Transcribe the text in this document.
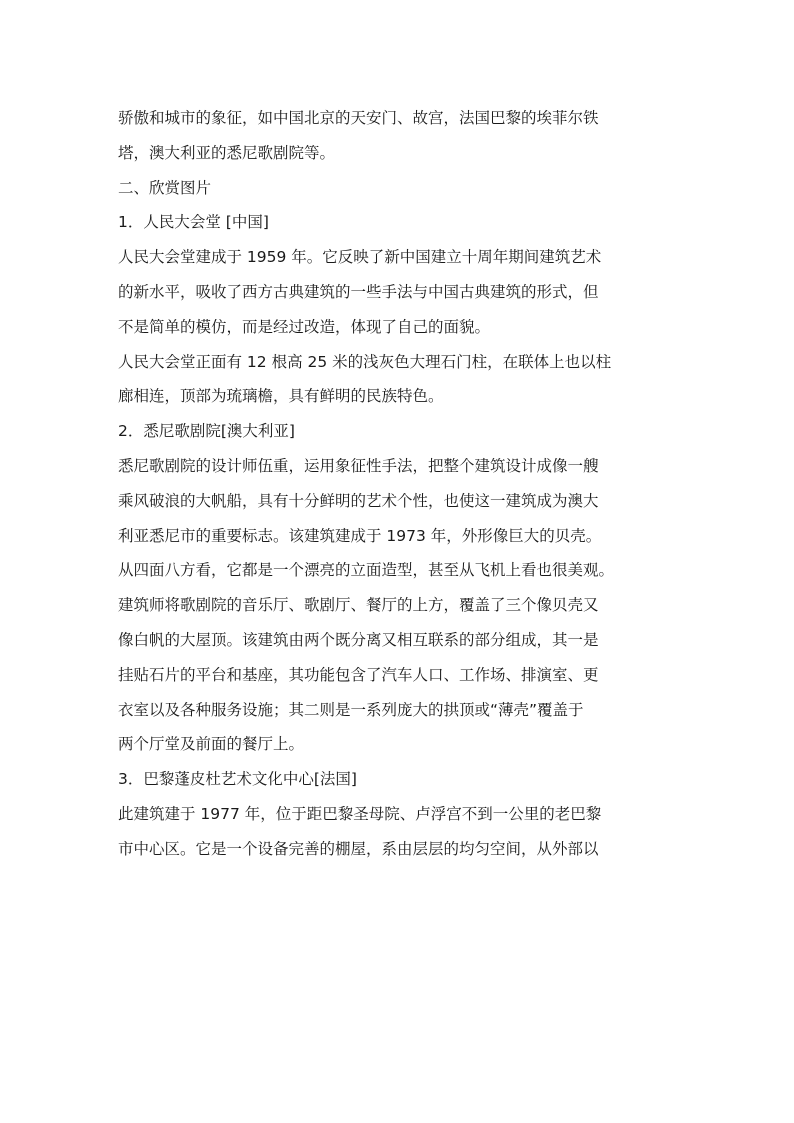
骄傲和城市的象征，如中国北京的天安门、故宫，法国巴黎的埃菲尔铁
塔，澳大利亚的悉尼歌剧院等。
二、欣赏图片
1．人民大会堂 [中国]
人民大会堂建成于 1959 年。它反映了新中国建立十周年期间建筑艺术
的新水平，吸收了西方古典建筑的一些手法与中国古典建筑的形式，但
不是简单的模仿，而是经过改造，体现了自己的面貌。
人民大会堂正面有 12 根高 25 米的浅灰色大理石门柱，在联体上也以柱
廊相连，顶部为琉璃檐，具有鲜明的民族特色。
2．悉尼歌剧院[澳大利亚]
悉尼歌剧院的设计师伍重，运用象征性手法，把整个建筑设计成像一艘
乘风破浪的大帆船，具有十分鲜明的艺术个性，也使这一建筑成为澳大
利亚悉尼市的重要标志。该建筑建成于 1973 年，外形像巨大的贝壳。
从四面八方看，它都是一个漂亮的立面造型，甚至从飞机上看也很美观。
建筑师将歌剧院的音乐厅、歌剧厅、餐厅的上方，覆盖了三个像贝壳又
像白帆的大屋顶。该建筑由两个既分离又相互联系的部分组成，其一是
挂贴石片的平台和基座，其功能包含了汽车人口、工作场、排演室、更
衣室以及各种服务设施；其二则是一系列庞大的拱顶或“薄壳”覆盖于
两个厅堂及前面的餐厅上。
3．巴黎蓬皮杜艺术文化中心[法国]
此建筑建于 1977 年，位于距巴黎圣母院、卢浮宫不到一公里的老巴黎
市中心区。它是一个设备完善的棚屋，系由层层的均匀空间，从外部以
